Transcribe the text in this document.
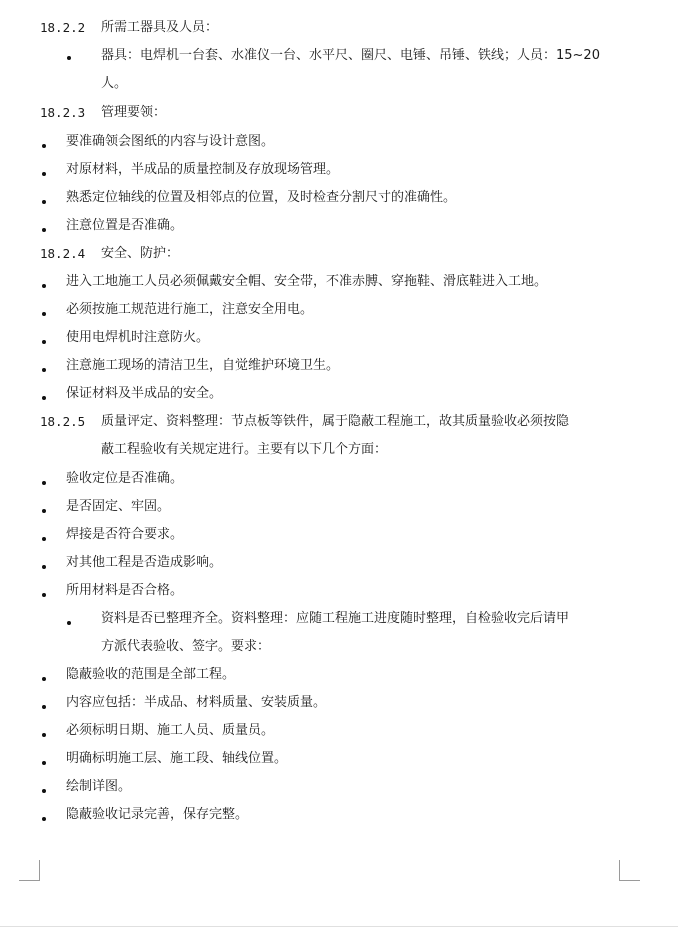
18.2.2 所需工器具及人员：
器具：电焊机一台套、水准仪一台、水平尺、圈尺、电锤、吊锤、铁线；人员：15~20
人。
18.2.3 管理要领：
要准确领会图纸的内容与设计意图。
对原材料，半成品的质量控制及存放现场管理。
熟悉定位轴线的位置及相邻点的位置，及时检查分割尺寸的准确性。
注意位置是否准确。
18.2.4 安全、防护：
进入工地施工人员必须佩戴安全帽、安全带，不准赤膊、穿拖鞋、滑底鞋进入工地。
必须按施工规范进行施工，注意安全用电。
使用电焊机时注意防火。
注意施工现场的清洁卫生，自觉维护环境卫生。
保证材料及半成品的安全。
18.2.5 质量评定、资料整理：节点板等铁件，属于隐蔽工程施工，故其质量验收必须按隐
蔽工程验收有关规定进行。主要有以下几个方面：
验收定位是否准确。
是否固定、牢固。
焊接是否符合要求。
对其他工程是否造成影响。
所用材料是否合格。
资料是否已整理齐全。资料整理：应随工程施工进度随时整理，自检验收完后请甲
方派代表验收、签字。要求：
隐蔽验收的范围是全部工程。
内容应包括：半成品、材料质量、安装质量。
必须标明日期、施工人员、质量员。
明确标明施工层、施工段、轴线位置。
绘制详图。
隐蔽验收记录完善，保存完整。
